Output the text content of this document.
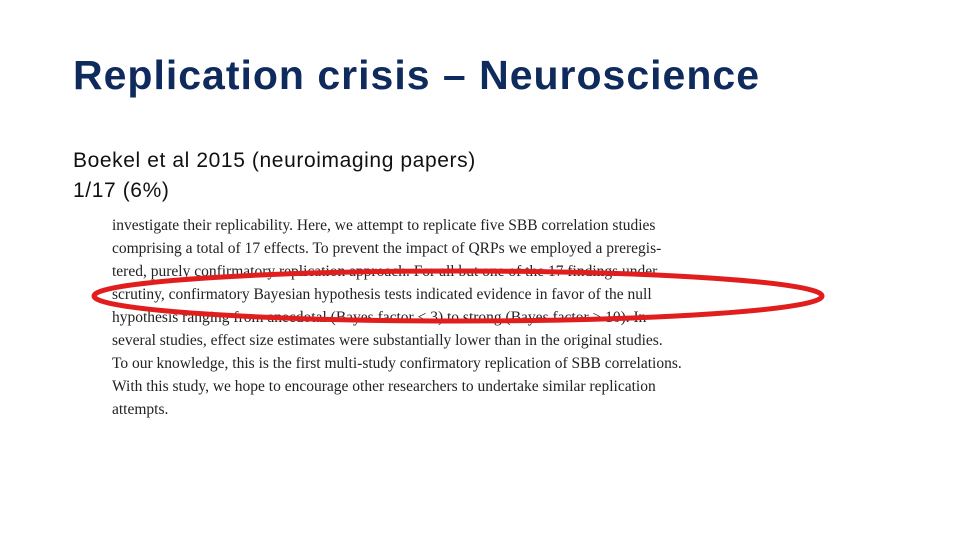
Replication crisis – Neuroscience
Boekel et al 2015 (neuroimaging papers)
1/17 (6%)
investigate their replicability. Here, we attempt to replicate five SBB correlation studies
comprising a total of 17 effects. To prevent the impact of QRPs we employed a preregis-
tered, purely confirmatory replication approach. For all but one of the 17 findings under
scrutiny, confirmatory Bayesian hypothesis tests indicated evidence in favor of the null
hypothesis ranging from anecdotal (Bayes factor < 3) to strong (Bayes factor > 10). In
several studies, effect size estimates were substantially lower than in the original studies.
To our knowledge, this is the first multi-study confirmatory replication of SBB correlations.
With this study, we hope to encourage other researchers to undertake similar replication
attempts.
